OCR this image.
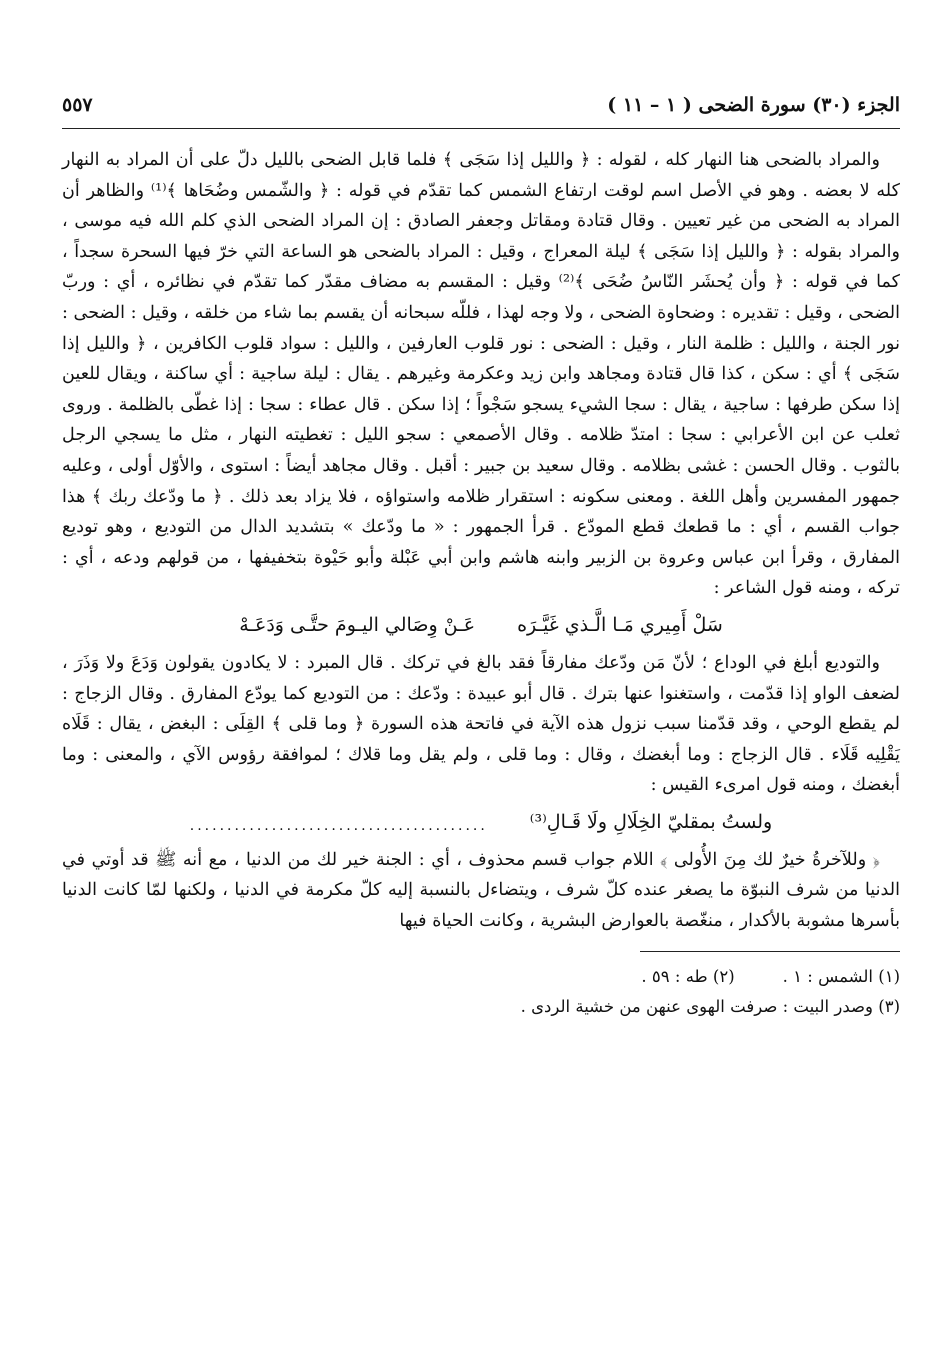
الجزء (٣٠) سورة الضحى ( ١ – ١١ )
٥٥٧

والمراد بالضحى هنا النهار كله ، لقوله : ﴿ والليل إذا سَجَى ﴾ فلما قابل الضحى بالليل دلّ على أن المراد به النهار كله لا بعضه . وهو في الأصل اسم لوقت ارتفاع الشمس كما تقدّم في قوله : ﴿ والشّمس وضُحَاها ﴾⁽¹⁾ والظاهر أن المراد به الضحى من غير تعيين . وقال قتادة ومقاتل وجعفر الصادق : إن المراد الضحى الذي كلم الله فيه موسى ، والمراد بقوله : ﴿ والليل إذا سَجَى ﴾ ليلة المعراج ، وقيل : المراد بالضحى هو الساعة التي خرّ فيها السحرة سجداً ، كما في قوله : ﴿ وأن يُحشَر النّاسُ ضُحَى ﴾⁽²⁾ وقيل : المقسم به مضاف مقدّر كما تقدّم في نظائره ، أي : وربّ الضحى ، وقيل : تقديره : وضحاوة الضحى ، ولا وجه لهذا ، فللّه سبحانه أن يقسم بما شاء من خلقه ، وقيل : الضحى : نور الجنة ، والليل : ظلمة النار ، وقيل : الضحى : نور قلوب العارفين ، والليل : سواد قلوب الكافرين ، ﴿ والليل إذا سَجَى ﴾ أي : سكن ، كذا قال قتادة ومجاهد وابن زيد وعكرمة وغيرهم . يقال : ليلة ساجية : أي ساكنة ، ويقال للعين إذا سكن طرفها : ساجية ، يقال : سجا الشيء يسجو سَجْواً ؛ إذا سكن . قال عطاء : سجا : إذا غطّى بالظلمة . وروى ثعلب عن ابن الأعرابي : سجا : امتدّ ظلامه . وقال الأصمعي : سجو الليل : تغطيته النهار ، مثل ما يسجي الرجل بالثوب . وقال الحسن : غشى بظلامه . وقال سعيد بن جبير : أقبل . وقال مجاهد أيضاً : استوى ، والأوّل أولى ، وعليه جمهور المفسرين وأهل اللغة . ومعنى سكونه : استقرار ظلامه واستواؤه ، فلا يزاد بعد ذلك . ﴿ ما ودّعك ربك ﴾ هذا جواب القسم ، أي : ما قطعك قطع المودّع . قرأ الجمهور : « ما ودّعك » بتشديد الدال من التوديع ، وهو توديع المفارق ، وقرأ ابن عباس وعروة بن الزبير وابنه هاشم وابن أبي عَبْلة وأبو حَيْوة بتخفيفها ، من قولهم ودعه ، أي : تركه ، ومنه قول الشاعر :

سَلْ أَمِيري مَـا الَّـذي غَيَّـرَه
عَـنْ وِصَالي اليـومَ حتَّـى وَدَعَـهْ

والتوديع أبلغ في الوداع ؛ لأنّ مَن ودّعك مفارقاً فقد بالغ في تركك . قال المبرد : لا يكادون يقولون وَدَعَ ولا وَذَرَ ، لضعف الواو إذا قدّمت ، واستغنوا عنها بترك . قال أبو عبيدة : ودّعك : من التوديع كما يودّع المفارق . وقال الزجاج : لم يقطع الوحي ، وقد قدّمنا سبب نزول هذه الآية في فاتحة هذه السورة ﴿ وما قلى ﴾ القِلَى : البغض ، يقال : قَلَاه يَقْلِيه قَلَاء . قال الزجاج : وما أبغضك ، وقال : وما قلى ، ولم يقل وما قلاك ؛ لموافقة رؤوس الآي ، والمعنى : وما أبغضك ، ومنه قول امرىء القيس :

ولستُ بمقليّ الخِلَالِ ولَا قَـالِ⁽³⁾
........................................

﴿ وللآخرةُ خيرٌ لك مِنَ الأُولى ﴾ اللام جواب قسم محذوف ، أي : الجنة خير لك من الدنيا ، مع أنه ﷺ قد أوتي في الدنيا من شرف النبوّة ما يصغر عنده كلّ شرف ، ويتضاءل بالنسبة إليه كلّ مكرمة في الدنيا ، ولكنها لمّا كانت الدنيا بأسرها مشوبة بالأكدار ، منغّصة بالعوارض البشرية ، وكانت الحياة فيها

(١) الشمس : ١ .
(٢) طه : ٥٩ .
(٣) وصدر البيت : صرفت الهوى عنهن من خشية الردى .
